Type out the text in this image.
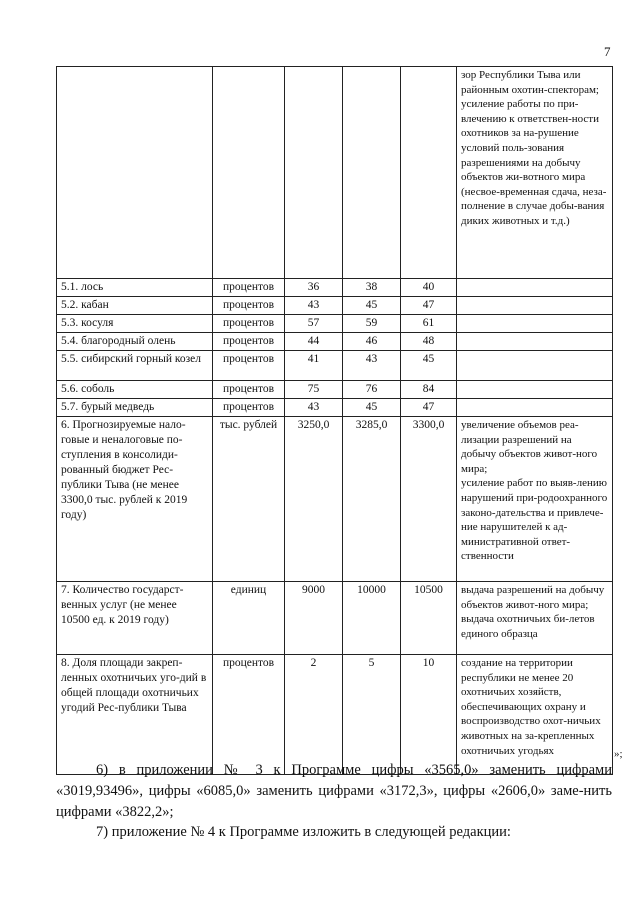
7
					зор Республики Тыва или районным охотин-спекторам;
усиление работы по при-влечению к ответствен-ности охотников за на-рушение условий поль-зования разрешениями на добычу объектов жи-вотного мира (несвое-временная сдача, неза-полнение в случае добы-вания диких животных и т.д.)
5.1. лось	процентов	36	38	40	
5.2. кабан	процентов	43	45	47	
5.3. косуля	процентов	57	59	61	
5.4. благородный олень	процентов	44	46	48	
5.5. сибирский горный козел	процентов	41	43	45	
5.6. соболь	процентов	75	76	84	
5.7. бурый медведь	процентов	43	45	47	
6. Прогнозируемые нало-говые и неналоговые по-ступления в консолиди-рованный бюджет Рес-публики Тыва (не менее 3300,0 тыс. рублей к 2019 году)	тыс. рублей	3250,0	3285,0	3300,0	увеличение объемов реа-лизации разрешений на добычу объектов живот-ного мира;
усиление работ по выяв-лению нарушений при-родоохранного законо-дательства и привлече-ние нарушителей к ад-министративной ответ-ственности
7. Количество государст-венных услуг (не менее 10500 ед. к 2019 году)	единиц	9000	10000	10500	выдача разрешений на добычу объектов живот-ного мира;
выдача охотничьих би-летов единого образца
8. Доля площади закреп-ленных охотничьих уго-дий в общей площади охотничьих угодий Рес-публики Тыва	процентов	2	5	10	создание на территории республики не менее 20 охотничьих хозяйств, обеспечивающих охрану и воспроизводство охот-ничьих животных на за-крепленных охотничьих угодьях	»;
6) в приложении № 3 к Программе цифры «3565,0» заменить цифрами «3019,93496», цифры «6085,0» заменить цифрами «3172,3», цифры «2606,0» заме-нить цифрами «3822,2»;
7) приложение № 4 к Программе изложить в следующей редакции:
